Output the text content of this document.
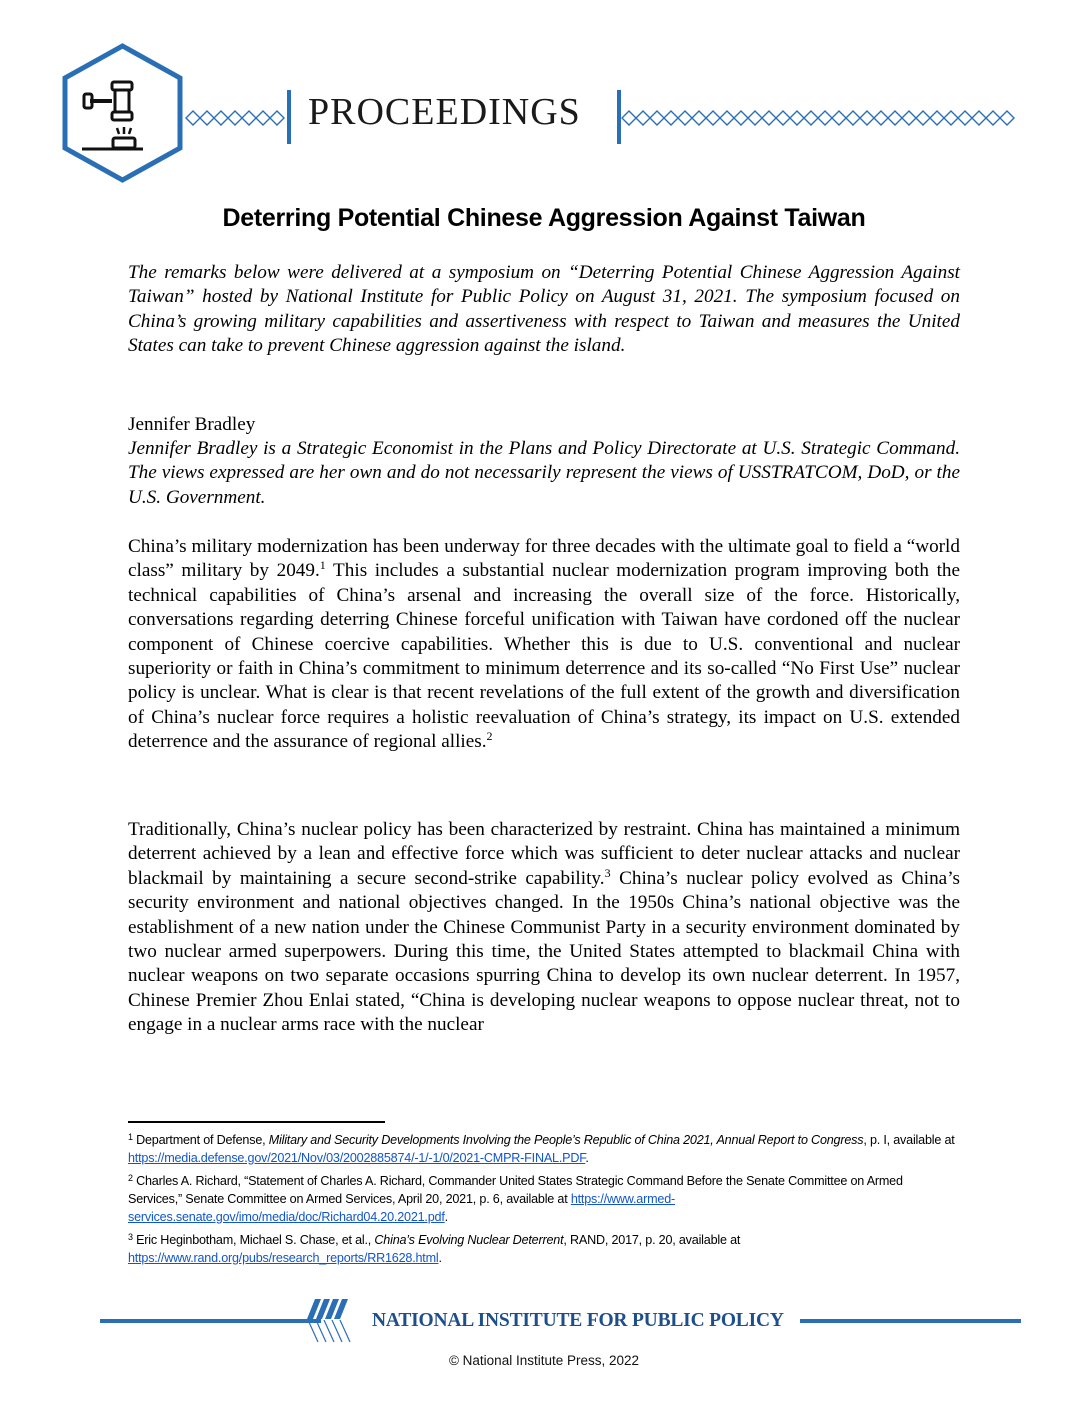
PROCEEDINGS
Deterring Potential Chinese Aggression Against Taiwan
The remarks below were delivered at a symposium on “Deterring Potential Chinese Aggression Against Taiwan” hosted by National Institute for Public Policy on August 31, 2021. The symposium focused on China’s growing military capabilities and assertiveness with respect to Taiwan and measures the United States can take to prevent Chinese aggression against the island.
Jennifer Bradley
Jennifer Bradley is a Strategic Economist in the Plans and Policy Directorate at U.S. Strategic Command. The views expressed are her own and do not necessarily represent the views of USSTRATCOM, DoD, or the U.S. Government.
China’s military modernization has been underway for three decades with the ultimate goal to field a “world class” military by 2049.$^1$ This includes a substantial nuclear modernization program improving both the technical capabilities of China’s arsenal and increasing the overall size of the force. Historically, conversations regarding deterring Chinese forceful unification with Taiwan have cordoned off the nuclear component of Chinese coercive capabilities. Whether this is due to U.S. conventional and nuclear superiority or faith in China’s commitment to minimum deterrence and its so-called “No First Use” nuclear policy is unclear. What is clear is that recent revelations of the full extent of the growth and diversification of China’s nuclear force requires a holistic reevaluation of China’s strategy, its impact on U.S. extended deterrence and the assurance of regional allies.$^2$
Traditionally, China’s nuclear policy has been characterized by restraint. China has maintained a minimum deterrent achieved by a lean and effective force which was sufficient to deter nuclear attacks and nuclear blackmail by maintaining a secure second-strike capability.$^3$ China’s nuclear policy evolved as China’s security environment and national objectives changed. In the 1950s China’s national objective was the establishment of a new nation under the Chinese Communist Party in a security environment dominated by two nuclear armed superpowers. During this time, the United States attempted to blackmail China with nuclear weapons on two separate occasions spurring China to develop its own nuclear deterrent. In 1957, Chinese Premier Zhou Enlai stated, “China is developing nuclear weapons to oppose nuclear threat, not to engage in a nuclear arms race with the nuclear
$^1$ Department of Defense, Military and Security Developments Involving the People’s Republic of China 2021, Annual Report to Congress, p. I, available at https://media.defense.gov/2021/Nov/03/2002885874/-1/-1/0/2021-CMPR-FINAL.PDF.
$^2$ Charles A. Richard, “Statement of Charles A. Richard, Commander United States Strategic Command Before the Senate Committee on Armed Services,” Senate Committee on Armed Services, April 20, 2021, p. 6, available at https://www.armed-services.senate.gov/imo/media/doc/Richard04.20.2021.pdf.
$^3$ Eric Heginbotham, Michael S. Chase, et al., China’s Evolving Nuclear Deterrent, RAND, 2017, p. 20, available at https://www.rand.org/pubs/research_reports/RR1628.html.
NATIONAL INSTITUTE FOR PUBLIC POLICY
© National Institute Press, 2022
